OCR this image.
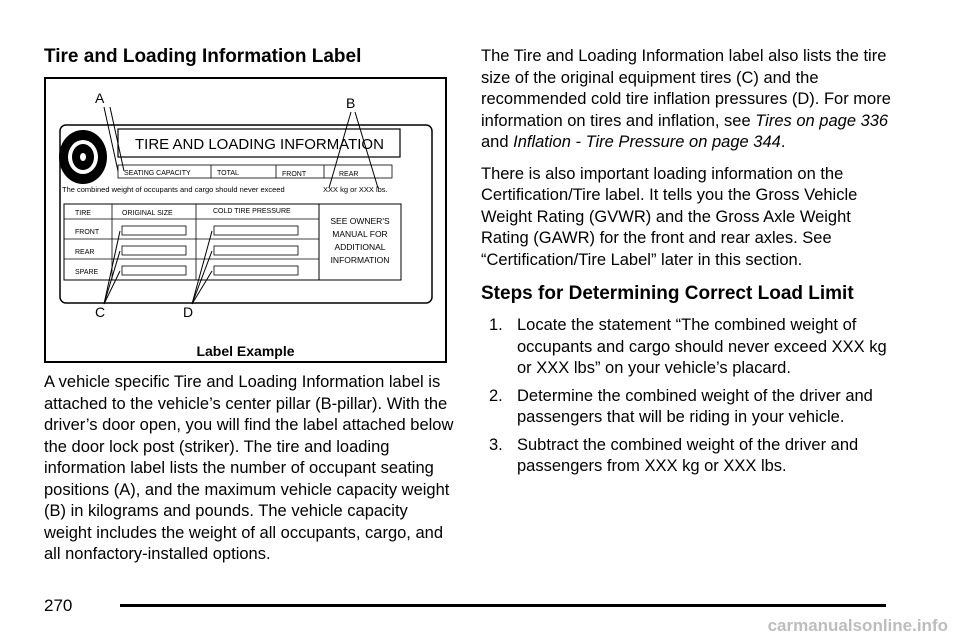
Tire and Loading Information Label
TIRE AND LOADING INFORMATION
SEATING CAPACITY	TOTAL	FRONT	REAR
The combined weight of occupants and cargo should never exceed	XXX kg or XXX lbs.
TIRE	ORIGINAL SIZE	COLD TIRE PRESSURE
FRONT
REAR
SPARE
SEE OWNER'S
MANUAL FOR
ADDITIONAL
INFORMATION
A	B
C	D
Label Example

A vehicle specific Tire and Loading Information label is attached to the vehicle’s center pillar (B-pillar). With the driver’s door open, you will find the label attached below the door lock post (striker). The tire and loading information label lists the number of occupant seating positions (A), and the maximum vehicle capacity weight (B) in kilograms and pounds. The vehicle capacity weight includes the weight of all occupants, cargo, and all nonfactory-installed options.

The Tire and Loading Information label also lists the tire size of the original equipment tires (C) and the recommended cold tire inflation pressures (D). For more information on tires and inflation, see Tires on page 336 and Inflation - Tire Pressure on page 344.

There is also important loading information on the Certification/Tire label. It tells you the Gross Vehicle Weight Rating (GVWR) and the Gross Axle Weight Rating (GAWR) for the front and rear axles. See “Certification/Tire Label” later in this section.

Steps for Determining Correct Load Limit
1. Locate the statement “The combined weight of occupants and cargo should never exceed XXX kg or XXX lbs” on your vehicle’s placard.
2. Determine the combined weight of the driver and passengers that will be riding in your vehicle.
3. Subtract the combined weight of the driver and passengers from XXX kg or XXX lbs.
270
carmanualsonline.info
